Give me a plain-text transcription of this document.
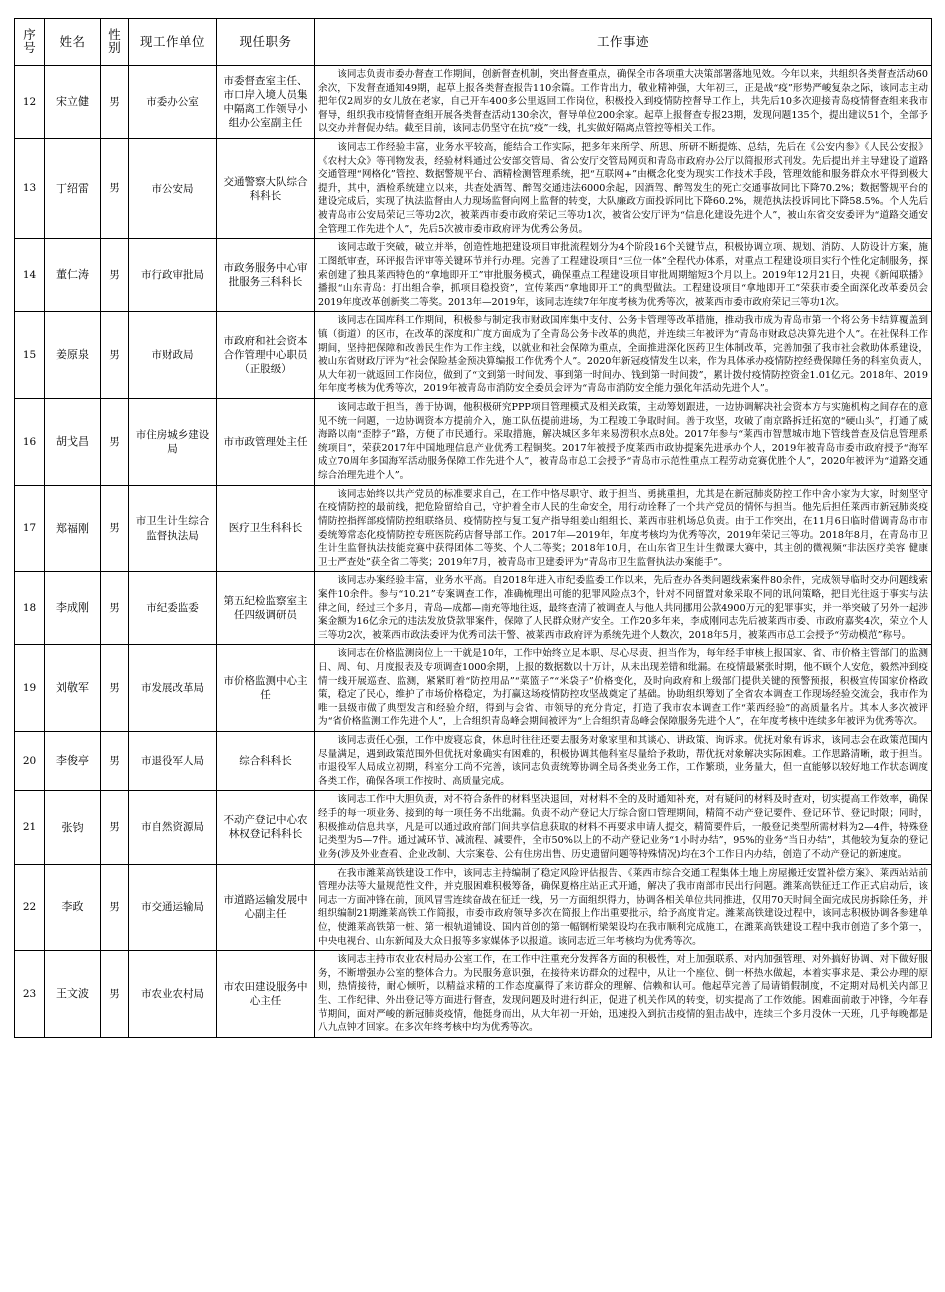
序号	姓名	性别	现工作单位	现任职务	工作事迹
12	宋立健	男	市委办公室	市委督查室主任、市口岸入境人员集中隔离工作领导小组办公室副主任	该同志负责市委办督查工作期间，创新督查机制，突出督查重点，确保全市各项重大决策部署落地见效。今年以来，共组织各类督查活动60余次，下发督查通知49期，起草上报各类督查报告110余篇。工作肯出力，敬业精神强，大年初三，正是战“疫”形势严峻复杂之际，该同志主动把年仅2周岁的女儿放在老家，自己开车400多公里返回工作岗位，积极投入到疫情防控督导工作上，共先后10多次迎接青岛疫情督查组来我市督导，组织我市疫情督查组开展各类督查活动130余次，督导单位200余家。起草上报督查专报23期，发现问题135个，提出建议51个，全部予以交办并督促办结。截至目前，该同志仍坚守在抗“疫”一线，扎实做好隔离点管控等相关工作。
13	丁绍雷	男	市公安局	交通警察大队综合科科长	该同志工作经验丰富，业务水平较高，能结合工作实际，把多年来所学、所思、所研不断提炼、总结，先后在《公安内参》《人民公安报》《农村大众》等刊物发表，经验材料通过公安部交管局、省公安厅交管局网页和青岛市政府办公厅以简报形式刊发。先后提出并主导建设了道路交通管理“网格化”管控、数据警规平台、酒精检测管理系统，把“互联网+”由概念化变为现实工作技术手段，管理效能和服务群众水平得到极大提升，其中，酒检系统建立以来，共查处酒驾、醉驾交通违法6000余起，因酒驾、醉驾发生的死亡交通事故同比下降70.2%；数据警规平台的建设完成后，实现了执法监督由人力现场监督向网上监督的转变，大队廉政方面投诉同比下降60.2%，规范执法投诉同比下降58.5%。个人先后被青岛市公安局荣记三等功2次，被莱西市委市政府荣记三等功1次，被省公安厅评为“信息化建设先进个人”，被山东省交安委评为“道路交通安全管理工作先进个人”，先后5次被市委市政府评为优秀公务员。
14	董仁涛	男	市行政审批局	市政务服务中心审批服务三科科长	该同志敢于突破，破立并举，创造性地把建设项目审批流程划分为4个阶段16个关键节点，积极协调立项、规划、消防、人防设计方案，施工图纸审查，环评报告评审等关键环节并行办理。完善了工程建设项目“三位一体”全程代办体系，对重点工程建设项目实行个性化定制服务，探索创建了独具莱西特色的“拿地即开工”审批服务模式，确保重点工程建设项目审批周期缩短3个月以上。2019年12月21日，央视《新闻联播》播报“山东青岛：打出组合拳，抓项目稳投资”，宣传莱西“拿地即开工”的典型做法。工程建设项目“拿地即开工”荣获市委全面深化改革委员会2019年度改革创新奖二等奖。2013年—2019年，该同志连续7年年度考核为优秀等次，被莱西市委市政府荣记三等功1次。
15	姜原泉	男	市财政局	市政府和社会资本合作管理中心职员（正股级）	该同志在国库科工作期间，积极参与制定我市财政国库集中支付、公务卡管理等改革措施，推动我市成为青岛市第一个将公务卡结算覆盖到镇（街道）的区市，在改革的深度和广度方面成为了全青岛公务卡改革的典范，并连续三年被评为“青岛市财政总决算先进个人”。在社保科工作期间，坚持把保障和改善民生作为工作主线，以就业和社会保障为重点，全面推进深化医药卫生体制改革，完善加强了我市社会救助体系建设，被山东省财政厅评为“社会保险基金预决算编报工作优秀个人”。2020年新冠疫情发生以来，作为具体承办疫情防控经费保障任务的科室负责人，从大年初一就返回工作岗位，做到了“文到第一时间发、事到第一时间办、钱到第一时间拨”，累计拨付疫情防控资金1.01亿元。2018年、2019年年度考核为优秀等次，2019年被青岛市消防安全委员会评为“青岛市消防安全能力强化年活动先进个人”。
16	胡戈昌	男	市住房城乡建设局	市市政管理处主任	该同志敢于担当，善于协调，他积极研究PPP项目管理模式及相关政策，主动筹划跟进，一边协调解决社会资本方与实施机构之间存在的意见不统一问题，一边协调资本方提前介入，施工队伍提前进场，为工程竣工争取时间。善于攻坚，攻破了南京路拆迁拓宽的“硬山头”，打通了威海路以南“歪脖子”路，方便了市民通行。采取措施，解决城区多年来易涝积水点8处。2017年参与“莱西市智慧城市地下管线普查及信息管理系统项目”，荣获2017年中国地理信息产业优秀工程铜奖。2017年被授予度莱西市政协提案先进承办个人，2019年被青岛市委市政府授予“海军成立70周年多国海军活动服务保障工作先进个人”，被青岛市总工会授予“青岛市示范性重点工程劳动竞赛优胜个人”，2020年被评为“道路交通综合治理先进个人”。
17	郑福刚	男	市卫生计生综合监督执法局	医疗卫生科科长	该同志始终以共产党员的标准要求自己，在工作中恪尽职守、敢于担当、勇挑重担，尤其是在新冠肺炎防控工作中舍小家为大家，时刻坚守在疫情防控的最前线，把危险留给自己，守护着全市人民的生命安全，用行动诠释了一个共产党员的情怀与担当。他先后担任莱西市新冠肺炎疫情防控指挥部疫情防控组联络员、疫情防控与复工复产指导组姜山组组长、莱西市驻机场总负责。由于工作突出，在11月6日临时借调青岛市市委统筹常态化疫情防控专班医院药店督导部工作。2017年—2019年，年度考核均为优秀等次，2019年荣记三等功。2018年8月，在青岛市卫生计生监督执法技能竞赛中获得团体二等奖、个人二等奖；2018年10月，在山东省卫生计生微课大赛中，其主创的微视频“非法医疗美容 健康卫士严查处”获全省二等奖；2019年7月，被青岛市卫建委评为“青岛市卫生监督执法办案能手”。
18	李成刚	男	市纪委监委	第五纪检监察室主任四级调研员	该同志办案经验丰富，业务水平高。自2018年进入市纪委监委工作以来，先后查办各类问题线索案件80余件，完成领导临时交办问题线索案件10余件。参与“10.21”专案调查工作，准确梳理出可能的犯罪风险点3个，针对不同留置对象采取不同的讯问策略，把目光往返于事实与法律之间，经过三个多月，青岛—成都—南充等地往返，最终查清了被调查人与他人共同挪用公款4900万元的犯罪事实，并一举突破了另外一起涉案金额为16亿余元的违法发放贷款罪案件，保障了人民群众财产安全。工作20多年来，李成刚同志先后被莱西市委、市政府嘉奖4次，荣立个人三等功2次，被莱西市政法委评为优秀司法干警、被莱西市政府评为系统先进个人数次，2018年5月，被莱西市总工会授予“劳动模范”称号。
19	刘敬军	男	市发展改革局	市价格监测中心主任	该同志在价格监测岗位上一干就是10年，工作中始终立足本职、尽心尽责、担当作为，每年经手审核上报国家、省、市价格主管部门的监测日、周、旬、月度报表及专项调查1000余期，上报的数据数以十万计，从未出现差错和纰漏。在疫情最紧张时期，他不顾个人安危，毅然冲到疫情一线开展巡查、监测，紧紧盯着“防控用品”“菜篮子”“米袋子”价格变化，及时向政府和上级部门提供关键的预警预报，积极宣传国家价格政策，稳定了民心，维护了市场价格稳定，为打赢这场疫情防控攻坚战奠定了基础。协助组织筹划了全省农本调查工作现场经验交流会，我市作为唯一县级市做了典型发言和经验介绍，得到与会省、市领导的充分肯定，打造了我市农本调查工作“莱西经验”的高质量名片。其本人多次被评为“省价格监测工作先进个人”，上合组织青岛峰会期间被评为“上合组织青岛峰会保障服务先进个人”，在年度考核中连续多年被评为优秀等次。
20	李俊亭	男	市退役军人局	综合科科长	该同志责任心强，工作中废寝忘食，休息时往往还要去服务对象家里和其谈心、讲政策、询诉求。优抚对象有诉求，该同志会在政策范围内尽量满足，遇到政策范围外但优抚对象确实有困难的，积极协调其他科室尽量给予救助，帮优抚对象解决实际困难。工作思路清晰，敢于担当。市退役军人局成立初期，科室分工尚不完善，该同志负责统筹协调全局各类业务工作，工作繁琐，业务量大，但一直能够以较好地工作状态调度各类工作，确保各项工作按时、高质量完成。
21	张钧	男	市自然资源局	不动产登记中心农林权登记科科长	该同志工作中大胆负责，对不符合条件的材料坚决退回，对材料不全的及时通知补充，对有疑问的材料及时查对，切实提高工作效率，确保经手的每一项业务、接到的每一项任务不出纰漏。负责不动产登记大厅综合窗口管理期间，精简不动产登记要件、登记环节、登记时限；同时，积极推动信息共享，凡是可以通过政府部门间共享信息获取的材料不再要求申请人提交，精简要件后，一般登记类型所需材料为2—4件，特殊登记类型为5—7件。通过减环节、减流程、减要件，全市50%以上的不动产登记业务“1小时办结”，95%的业务“当日办结”，其他较为复杂的登记业务(涉及外业查看、企业改制、大宗案卷、公有住房出售、历史遗留问题等特殊情况)均在3个工作日内办结，创造了不动产登记的新速度。
22	李政	男	市交通运输局	市道路运输发展中心副主任	在我市潍莱高铁建设工作中，该同志主持编制了稳定风险评估报告、《莱西市综合交通工程集体土地上房屋搬迁安置补偿方案》、莱西站站前管理办法等大量规范性文件，并克服困难积极筹备，确保夏格庄站正式开通，解决了我市南部市民出行问题。潍莱高铁征迁工作正式启动后，该同志一方面冲锋在前，顶风冒雪连续奋战在征迁一线，另一方面组织得力，协调各相关单位共同推进，仅用70天时间全面完成民房拆除任务，并组织编制21期潍莱高铁工作简报，市委市政府领导多次在简报上作出重要批示，给予高度肯定。潍莱高铁建设过程中，该同志积极协调各参建单位，使潍莱高铁第一桩、第一根轨道铺设、国内首创的第一幅钢桁梁架设均在我市顺利完成施工，在潍莱高铁建设工程中我市创造了多个第一，中央电视台、山东新闻及大众日报等多家媒体予以报道。该同志近三年考核均为优秀等次。
23	王文波	男	市农业农村局	市农田建设服务中心主任	该同志主持市农业农村局办公室工作，在工作中注重充分发挥各方面的积极性，对上加强联系、对内加强管理、对外搞好协调、对下做好服务，不断增强办公室的整体合力。为民服务意识强，在接待来访群众的过程中，从让一个座位、倒一杯热水做起，本着实事求是、秉公办理的原则，热情接待，耐心倾听，以精益求精的工作态度赢得了来访群众的理解、信赖和认可。他起草完善了局请销假制度，不定期对局机关内部卫生、工作纪律、外出登记等方面进行督查，发现问题及时进行纠正，促进了机关作风的转变，切实提高了工作效能。困难面前敢于冲锋，今年春节期间，面对严峻的新冠肺炎疫情，他挺身而出，从大年初一开始，迅速投入到抗击疫情的狙击战中，连续三个多月没休一天班，几乎每晚都是八九点钟才回家。在多次年终考核中均为优秀等次。
